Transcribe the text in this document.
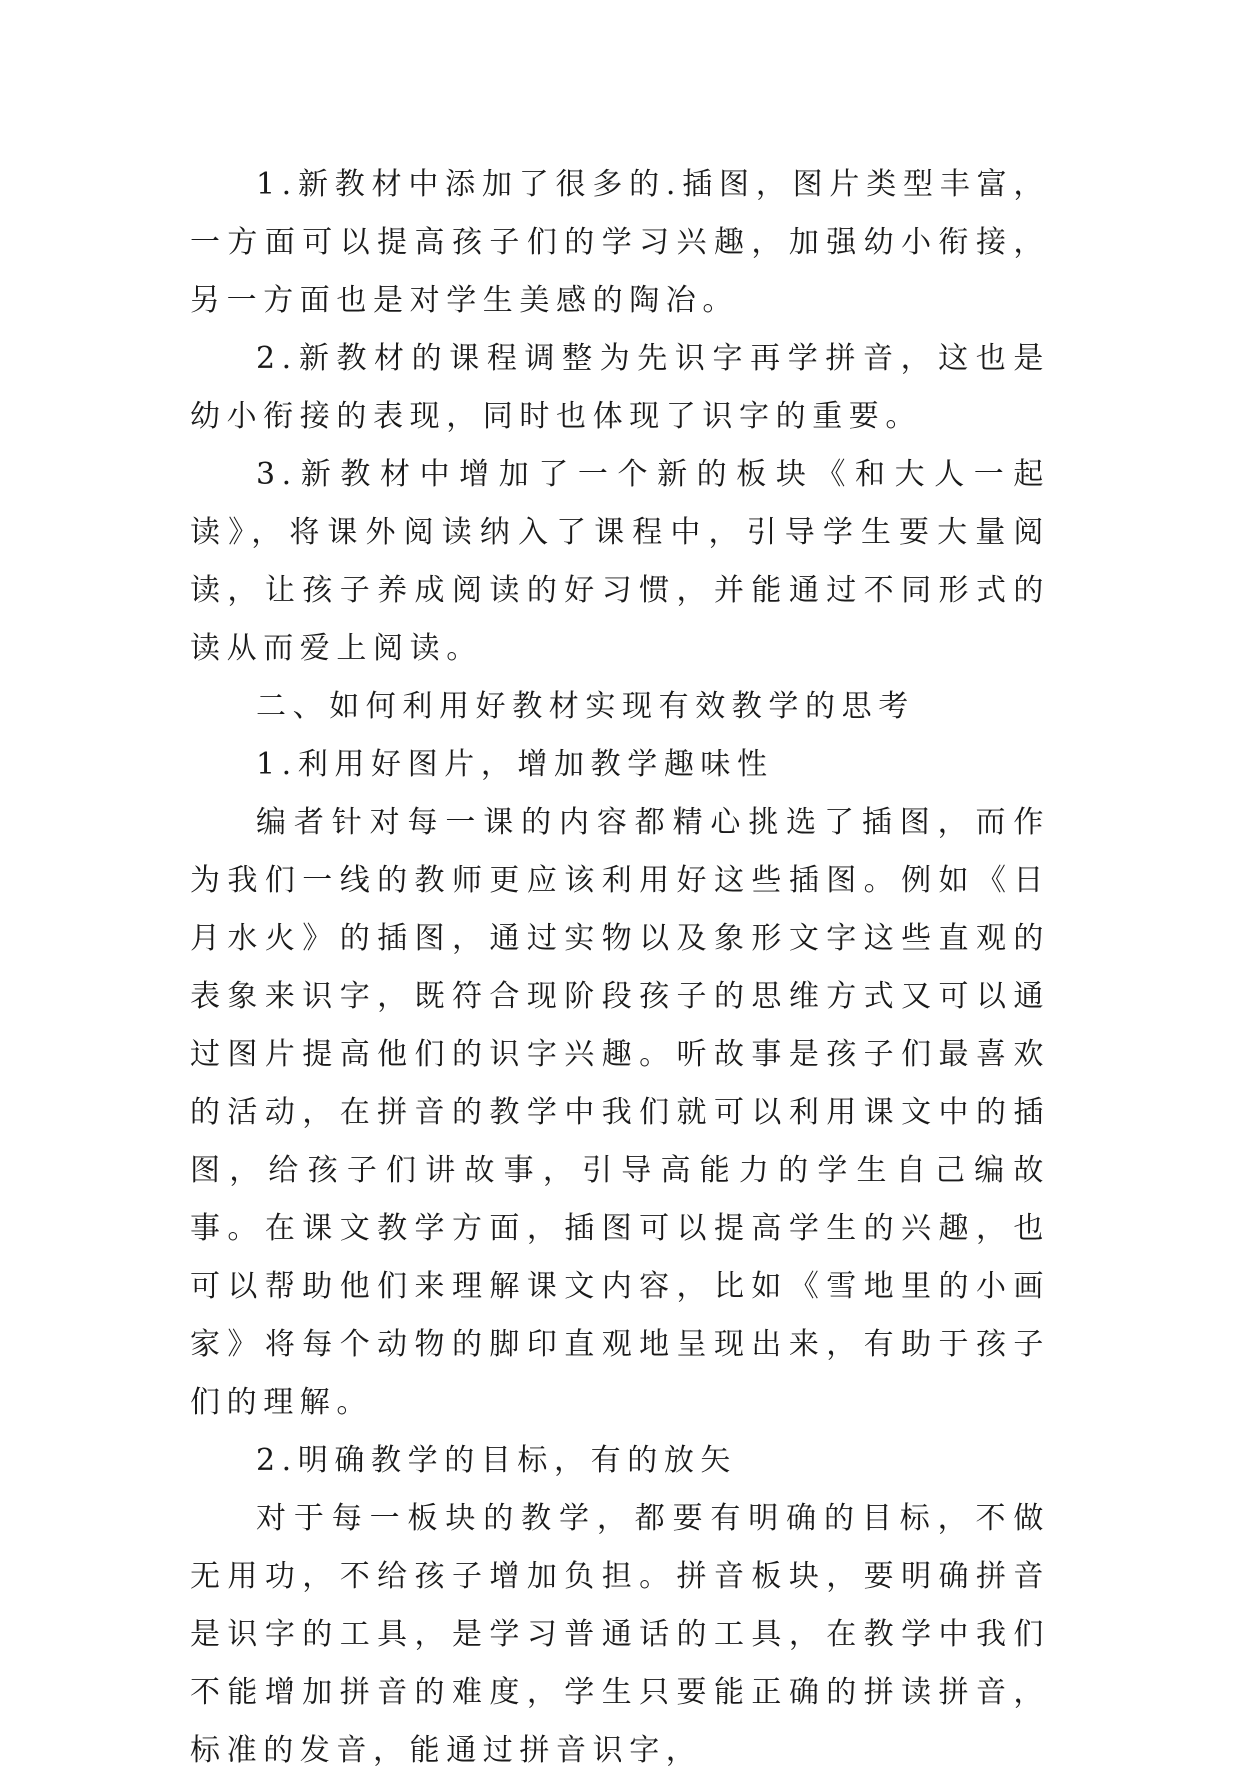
1.新教材中添加了很多的.插图，图片类型丰富，一方面可以提高孩子们的学习兴趣，加强幼小衔接，另一方面也是对学生美感的陶冶。

2.新教材的课程调整为先识字再学拼音，这也是幼小衔接的表现，同时也体现了识字的重要。

3.新教材中增加了一个新的板块《和大人一起读》，将课外阅读纳入了课程中，引导学生要大量阅读，让孩子养成阅读的好习惯，并能通过不同形式的读从而爱上阅读。

二、如何利用好教材实现有效教学的思考

1.利用好图片，增加教学趣味性

编者针对每一课的内容都精心挑选了插图，而作为我们一线的教师更应该利用好这些插图。例如《日月水火》的插图，通过实物以及象形文字这些直观的表象来识字，既符合现阶段孩子的思维方式又可以通过图片提高他们的识字兴趣。听故事是孩子们最喜欢的活动，在拼音的教学中我们就可以利用课文中的插图，给孩子们讲故事，引导高能力的学生自己编故事。在课文教学方面，插图可以提高学生的兴趣，也可以帮助他们来理解课文内容，比如《雪地里的小画家》将每个动物的脚印直观地呈现出来，有助于孩子们的理解。

2.明确教学的目标，有的放矢

对于每一板块的教学，都要有明确的目标，不做无用功，不给孩子增加负担。拼音板块，要明确拼音是识字的工具，是学习普通话的工具，在教学中我们不能增加拼音的难度，学生只要能正确的拼读拼音，标准的发音，能通过拼音识字，
